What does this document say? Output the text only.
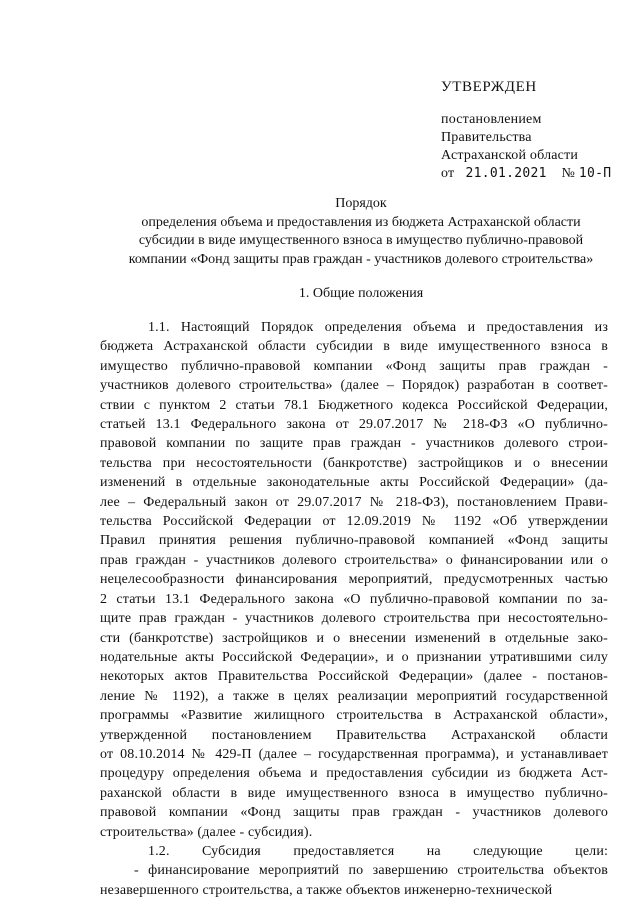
УТВЕРЖДЕН
постановлением
Правительства
Астраханской области
от 21.01.2021 № 10-П
Порядок
определения объема и предоставления из бюджета Астраханской области
субсидии в виде имущественного взноса в имущество публично-правовой
компании «Фонд защиты прав граждан - участников долевого строительства»
1. Общие положения
1.1. Настоящий Порядок определения объема и предоставления из
бюджета Астраханской области субсидии в виде имущественного взноса в
имущество публично-правовой компании «Фонд защиты прав граждан -
участников долевого строительства» (далее – Порядок) разработан в соответ-
ствии с пунктом 2 статьи 78.1 Бюджетного кодекса Российской Федерации,
статьей 13.1 Федерального закона от 29.07.2017 № 218-ФЗ «О публично-
правовой компании по защите прав граждан - участников долевого строи-
тельства при несостоятельности (банкротстве) застройщиков и о внесении
изменений в отдельные законодательные акты Российской Федерации» (да-
лее – Федеральный закон от 29.07.2017 № 218-ФЗ), постановлением Прави-
тельства Российской Федерации от 12.09.2019 № 1192 «Об утверждении
Правил принятия решения публично-правовой компанией «Фонд защиты
прав граждан - участников долевого строительства» о финансировании или о
нецелесообразности финансирования мероприятий, предусмотренных частью
2 статьи 13.1 Федерального закона «О публично-правовой компании по за-
щите прав граждан - участников долевого строительства при несостоятельно-
сти (банкротстве) застройщиков и о внесении изменений в отдельные зако-
нодательные акты Российской Федерации», и о признании утратившими силу
некоторых актов Правительства Российской Федерации» (далее - постанов-
ление № 1192), а также в целях реализации мероприятий государственной
программы «Развитие жилищного строительства в Астраханской области»,
утвержденной постановлением Правительства Астраханской области
от 08.10.2014 № 429-П (далее – государственная программа), и устанавливает
процедуру определения объема и предоставления субсидии из бюджета Аст-
раханской области в виде имущественного взноса в имущество публично-
правовой компании «Фонд защиты прав граждан - участников долевого
строительства» (далее - субсидия).
1.2. Субсидия предоставляется на следующие цели:
- финансирование мероприятий по завершению строительства объектов
незавершенного строительства, а также объектов инженерно-технической
